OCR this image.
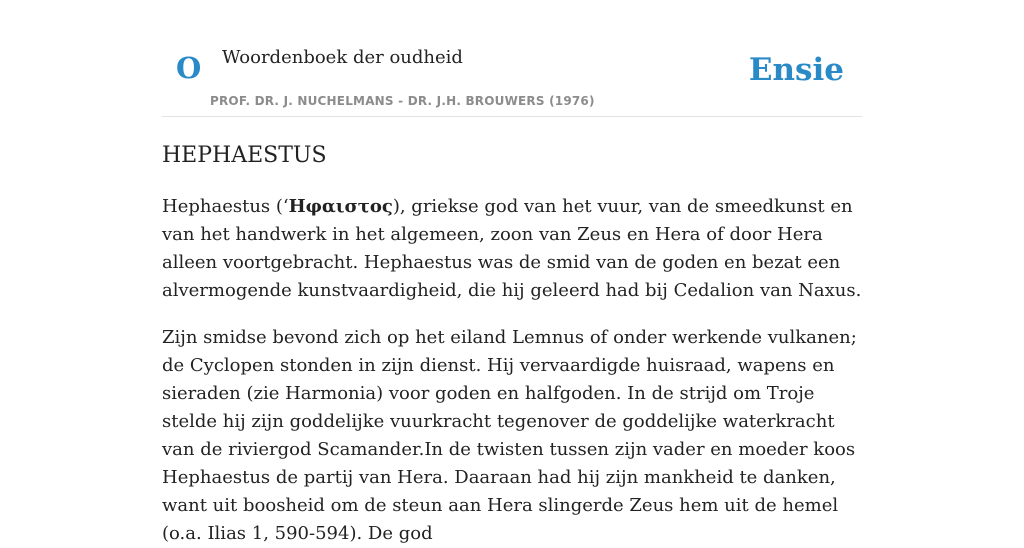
O Woordenboek der oudheid
PROF. DR. J. NUCHELMANS - DR. J.H. BROUWERS (1976)
Ensie
HEPHAESTUS

Hephaestus (‘Ηφαιστος), griekse god van het vuur, van de smeedkunst en van het handwerk in het algemeen, zoon van Zeus en Hera of door Hera alleen voortgebracht. Hephaestus was de smid van de goden en bezat een alvermogende kunstvaardigheid, die hij geleerd had bij Cedalion van Naxus.

Zijn smidse bevond zich op het eiland Lemnus of onder werkende vulkanen; de Cyclopen stonden in zijn dienst. Hij vervaardigde huisraad, wapens en sieraden (zie Harmonia) voor goden en halfgoden. In de strijd om Troje stelde hij zijn goddelijke vuurkracht tegenover de goddelijke waterkracht van de riviergod Scamander.In de twisten tussen zijn vader en moeder koos Hephaestus de partij van Hera. Daaraan had hij zijn mankheid te danken, want uit boosheid om de steun aan Hera slingerde Zeus hem uit de hemel (o.a. Ilias 1, 590-594). De god
